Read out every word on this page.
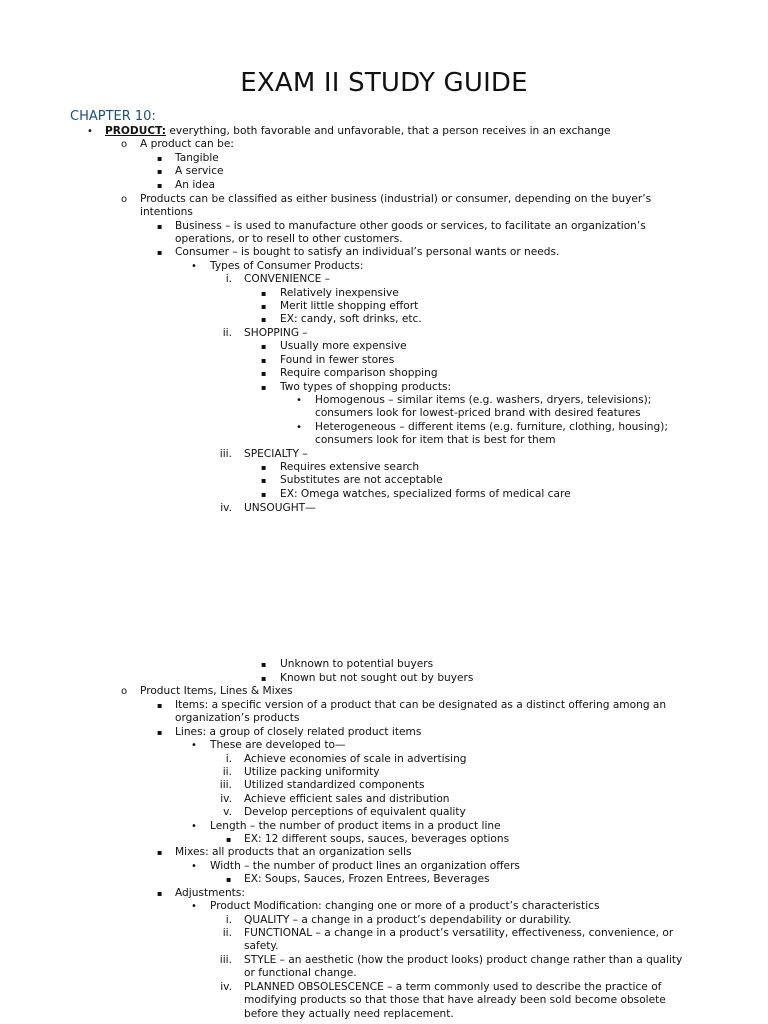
EXAM II STUDY GUIDE
CHAPTER 10:
• PRODUCT: everything, both favorable and unfavorable, that a person receives in an exchange
o A product can be:
▪ Tangible
▪ A service
▪ An idea
o Products can be classified as either business (industrial) or consumer, depending on the buyer’s
intentions
▪ Business – is used to manufacture other goods or services, to facilitate an organization’s
operations, or to resell to other customers.
▪ Consumer – is bought to satisfy an individual’s personal wants or needs.
• Types of Consumer Products:
i. CONVENIENCE –
▪ Relatively inexpensive
▪ Merit little shopping effort
▪ EX: candy, soft drinks, etc.
ii. SHOPPING –
▪ Usually more expensive
▪ Found in fewer stores
▪ Require comparison shopping
▪ Two types of shopping products:
• Homogenous – similar items (e.g. washers, dryers, televisions);
consumers look for lowest-priced brand with desired features
• Heterogeneous – different items (e.g. furniture, clothing, housing);
consumers look for item that is best for them
iii. SPECIALTY –
▪ Requires extensive search
▪ Substitutes are not acceptable
▪ EX: Omega watches, specialized forms of medical care
iv. UNSOUGHT—
▪ Unknown to potential buyers
▪ Known but not sought out by buyers
o Product Items, Lines & Mixes
▪ Items: a specific version of a product that can be designated as a distinct offering among an
organization’s products
▪ Lines: a group of closely related product items
• These are developed to—
i. Achieve economies of scale in advertising
ii. Utilize packing uniformity
iii. Utilized standardized components
iv. Achieve efficient sales and distribution
v. Develop perceptions of equivalent quality
• Length – the number of product items in a product line
▪ EX: 12 different soups, sauces, beverages options
▪ Mixes: all products that an organization sells
• Width – the number of product lines an organization offers
▪ EX: Soups, Sauces, Frozen Entrees, Beverages
▪ Adjustments:
• Product Modification: changing one or more of a product’s characteristics
i. QUALITY – a change in a product’s dependability or durability.
ii. FUNCTIONAL – a change in a product’s versatility, effectiveness, convenience, or
safety.
iii. STYLE – an aesthetic (how the product looks) product change rather than a quality
or functional change.
iv. PLANNED OBSOLESCENCE – a term commonly used to describe the practice of
modifying products so that those that have already been sold become obsolete
before they actually need replacement.
